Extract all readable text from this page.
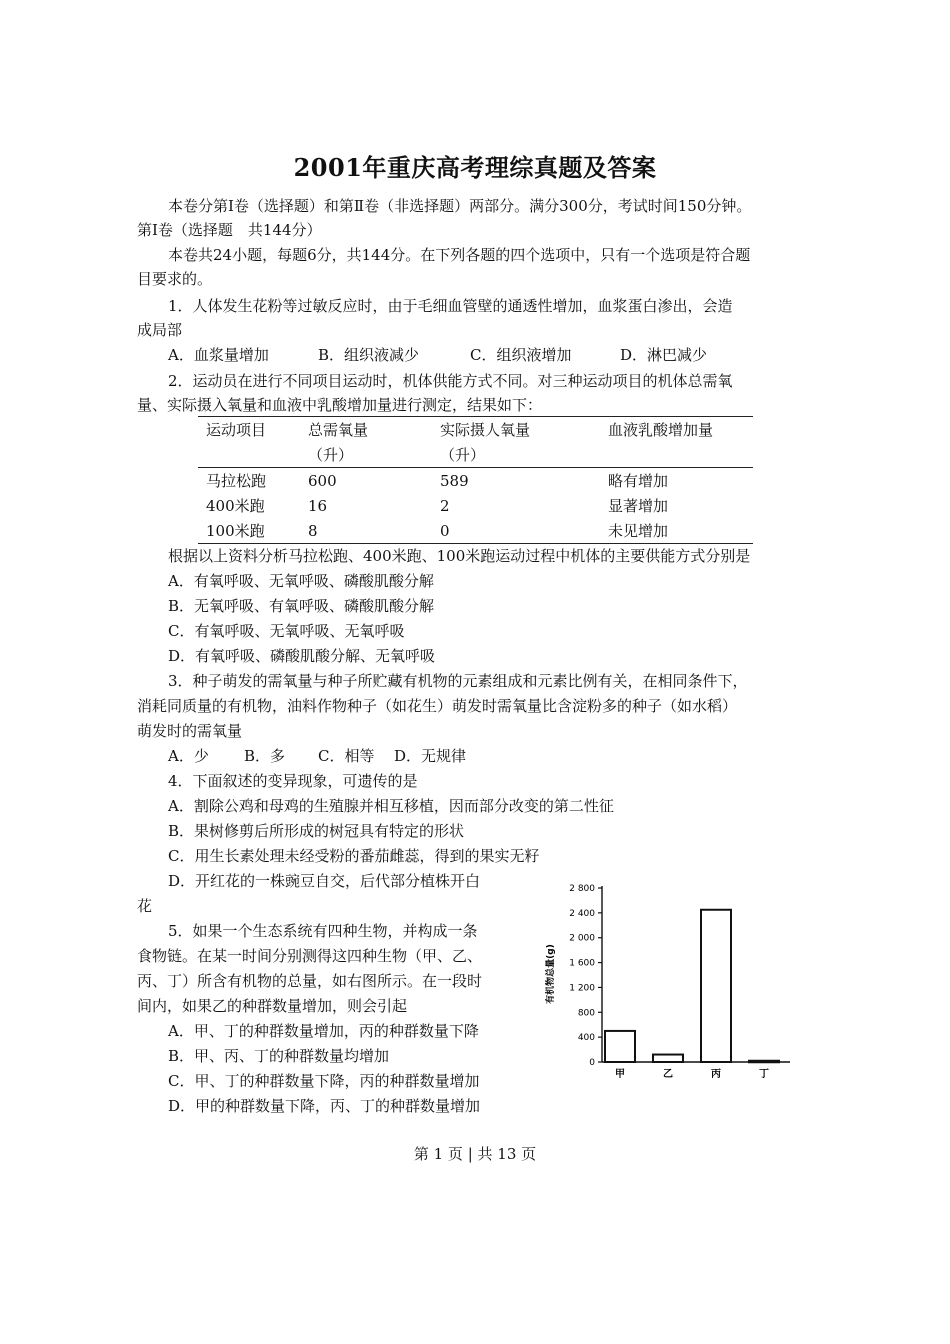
2001年重庆高考理综真题及答案
本卷分第Ⅰ卷（选择题）和第Ⅱ卷（非选择题）两部分。满分300分，考试时间150分钟。
第Ⅰ卷（选择题　共144分）
本卷共24小题，每题6分，共144分。在下列各题的四个选项中，只有一个选项是符合题
目要求的。
1．人体发生花粉等过敏反应时，由于毛细血管壁的通透性增加，血浆蛋白渗出，会造
成局部
A．血浆量增加	B．组织液减少	C．组织液增加	D．淋巴减少
2．运动员在进行不同项目运动时，机体供能方式不同。对三种运动项目的机体总需氧
量、实际摄入氧量和血液中乳酸增加量进行测定，结果如下：
运动项目	总需氧量	实际摄人氧量	血液乳酸增加量
	（升）	（升）	
马拉松跑	600	589	略有增加
400米跑	16	2	显著增加
100米跑	8	0	未见增加
根据以上资料分析马拉松跑、400米跑、100米跑运动过程中机体的主要供能方式分别是
A．有氧呼吸、无氧呼吸、磷酸肌酸分解
B．无氧呼吸、有氧呼吸、磷酸肌酸分解
C．有氧呼吸、无氧呼吸、无氧呼吸
D．有氧呼吸、磷酸肌酸分解、无氧呼吸
3．种子萌发的需氧量与种子所贮藏有机物的元素组成和元素比例有关，在相同条件下，
消耗同质量的有机物，油料作物种子（如花生）萌发时需氧量比含淀粉多的种子（如水稻）
萌发时的需氧量
A．少 B．多 C．相等 D．无规律
4．下面叙述的变异现象，可遗传的是
A．割除公鸡和母鸡的生殖腺并相互移植，因而部分改变的第二性征
B．果树修剪后所形成的树冠具有特定的形状
C．用生长素处理未经受粉的番茄雌蕊，得到的果实无籽
D．开红花的一株豌豆自交，后代部分植株开白
花
5．如果一个生态系统有四种生物，并构成一条
食物链。在某一时间分别测得这四种生物（甲、乙、
丙、丁）所含有机物的总量，如右图所示。在一段时
间内，如果乙的种群数量增加，则会引起
A．甲、丁的种群数量增加，丙的种群数量下降
B．甲、丙、丁的种群数量均增加
C．甲、丁的种群数量下降，丙的种群数量增加
D．甲的种群数量下降，丙、丁的种群数量增加
0
400
800
1 200
1 600
2 000
2 400
2 800
甲	乙	丙	丁
有机物总量(g)
第 1 页 | 共 13 页
